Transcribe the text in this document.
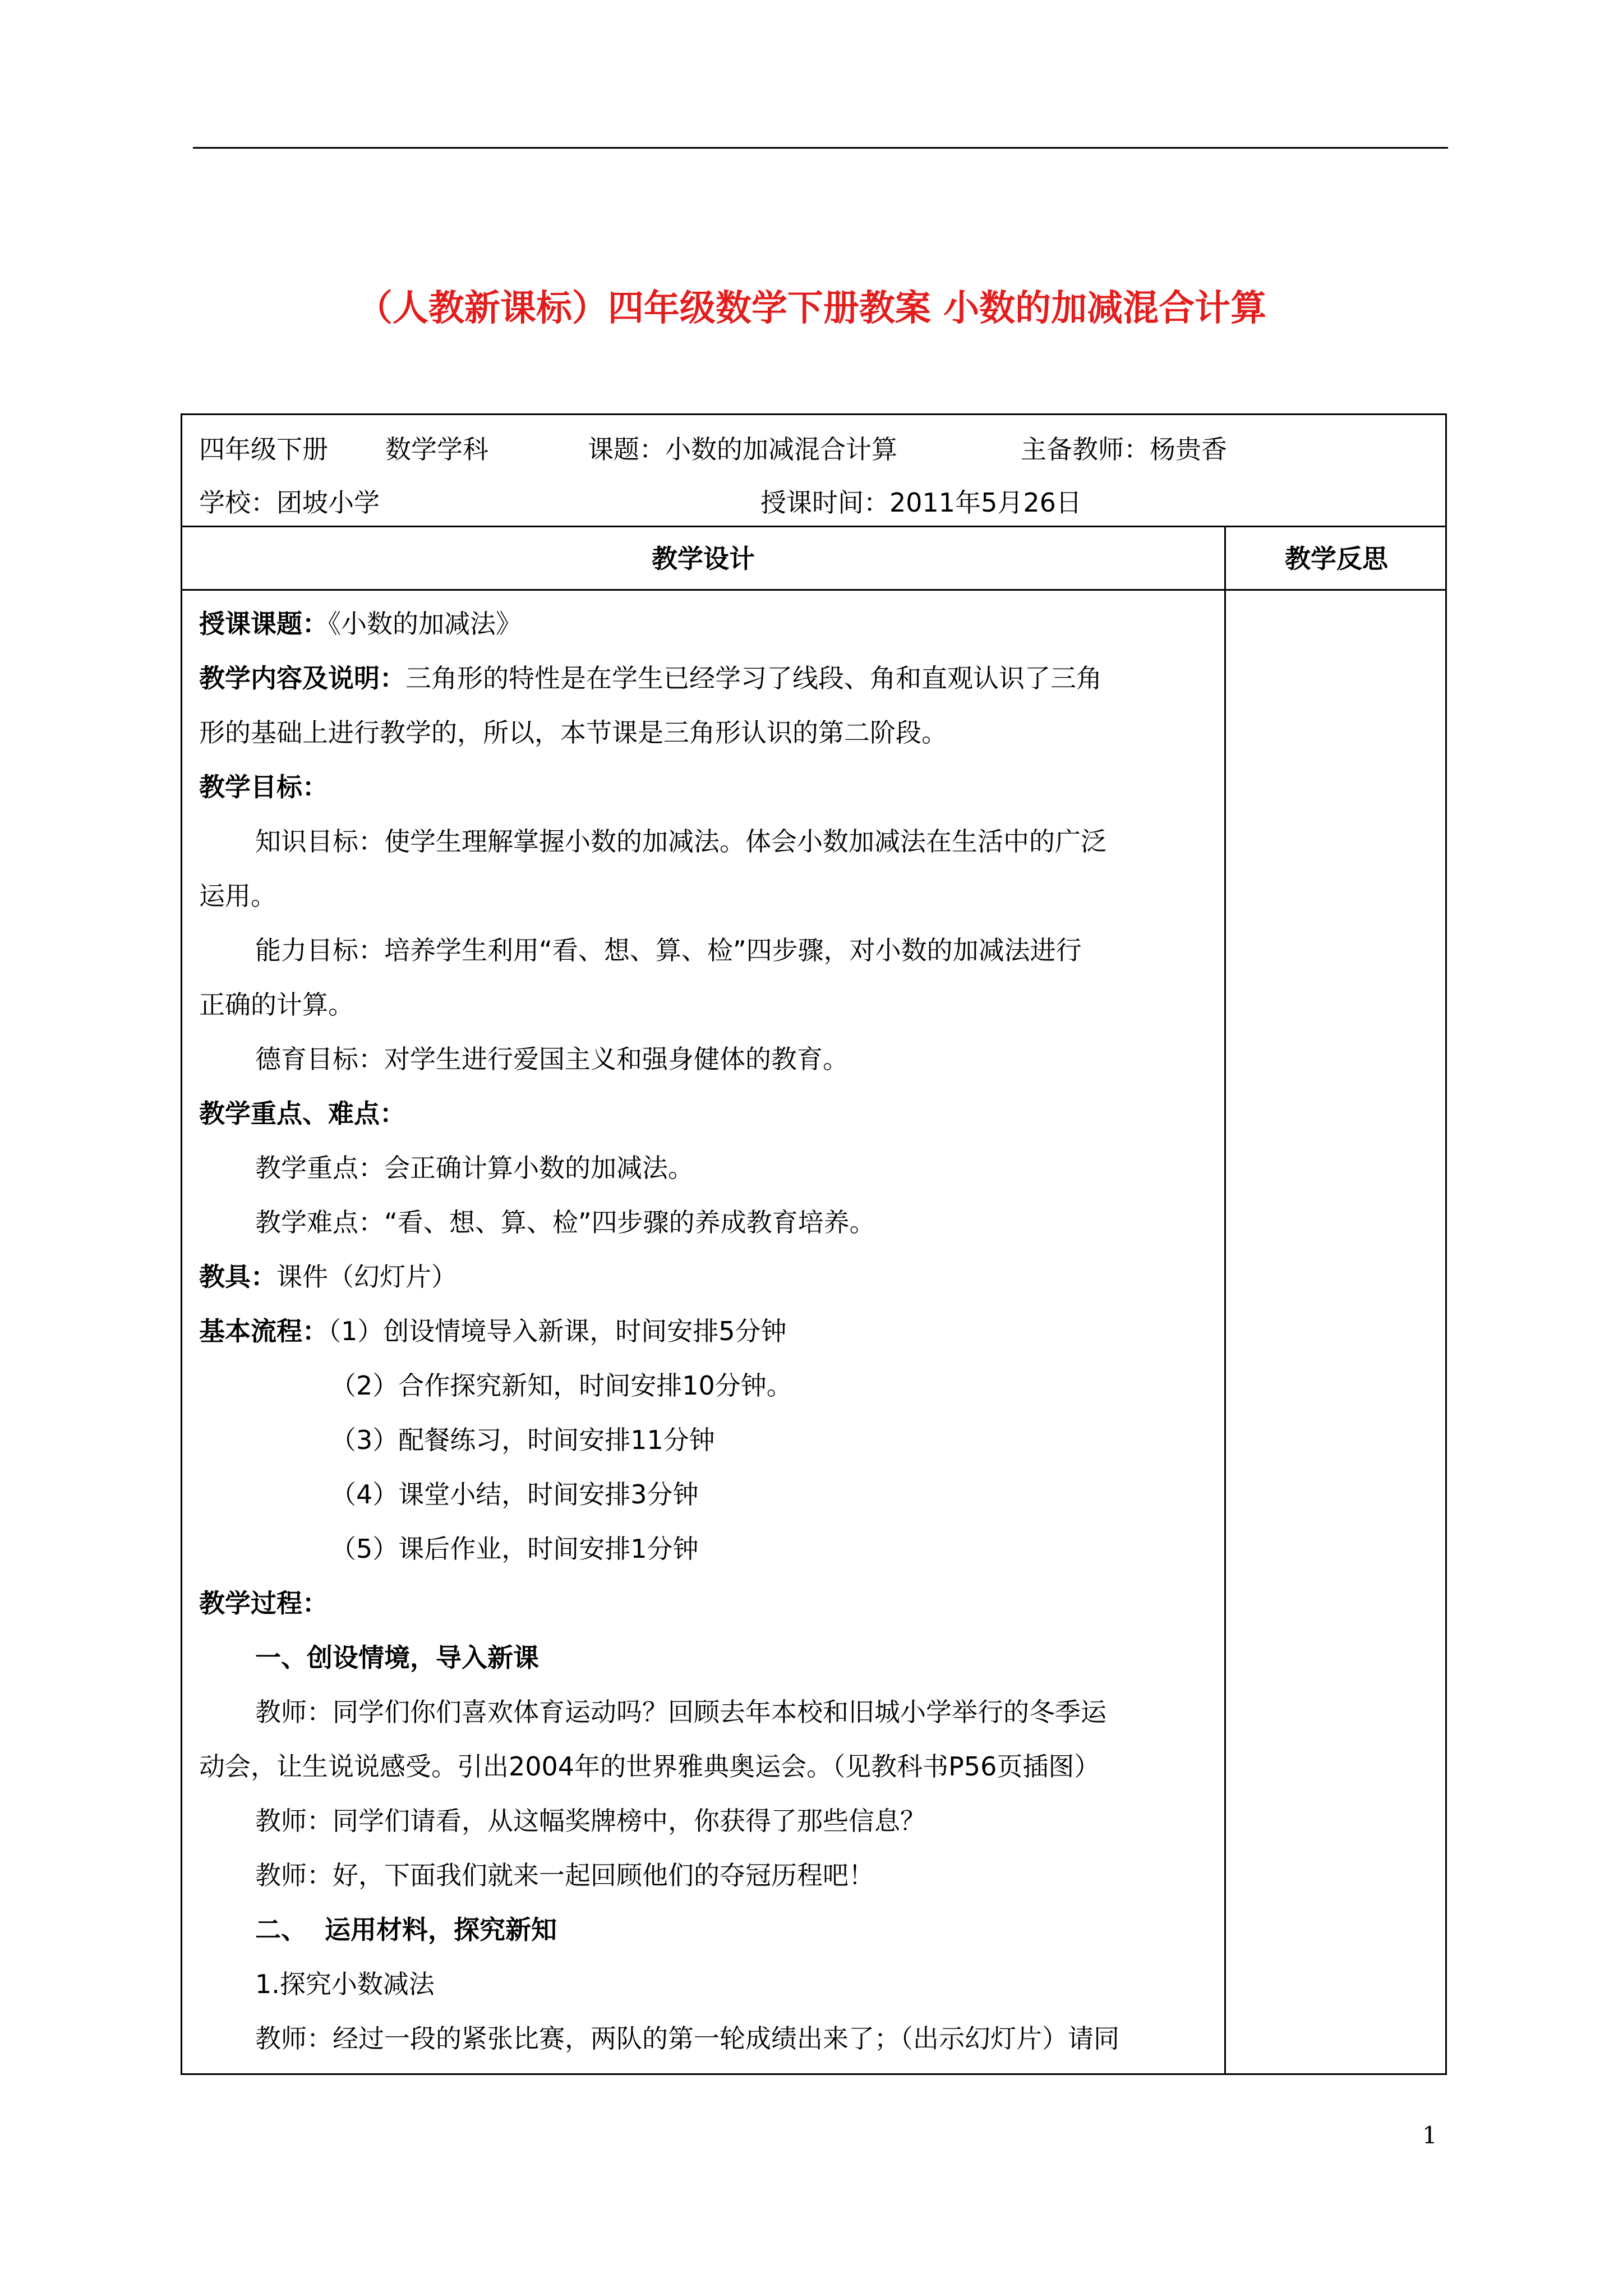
（人教新课标）四年级数学下册教案 小数的加减混合计算
四年级下册 数学学科	课题：小数的加减混合计算	主备教师：杨贵香
学校：团坡小学	授课时间：2011年5月26日
教学设计	教学反思
授课课题：《小数的加减法》
教学内容及说明：三角形的特性是在学生已经学习了线段、角和直观认识了三角
形的基础上进行教学的，所以，本节课是三角形认识的第二阶段。
教学目标：
知识目标：使学生理解掌握小数的加减法。体会小数加减法在生活中的广泛
运用。
能力目标：培养学生利用“看、想、算、检”四步骤，对小数的加减法进行
正确的计算。
德育目标：对学生进行爱国主义和强身健体的教育。
教学重点、难点：
教学重点：会正确计算小数的加减法。
教学难点：“看、想、算、检”四步骤的养成教育培养。
教具：课件（幻灯片）
基本流程：（1）创设情境导入新课，时间安排5分钟
（2）合作探究新知，时间安排10分钟。
（3）配餐练习，时间安排11分钟
（4）课堂小结，时间安排3分钟
（5）课后作业，时间安排1分钟
教学过程：
一、创设情境，导入新课
教师：同学们你们喜欢体育运动吗？回顾去年本校和旧城小学举行的冬季运
动会，让生说说感受。引出2004年的世界雅典奥运会。（见教科书P56页插图）
教师：同学们请看，从这幅奖牌榜中，你获得了那些信息？
教师：好，下面我们就来一起回顾他们的夺冠历程吧！
二、  运用材料，探究新知
1.探究小数减法
教师：经过一段的紧张比赛，两队的第一轮成绩出来了；（出示幻灯片）请同
1
